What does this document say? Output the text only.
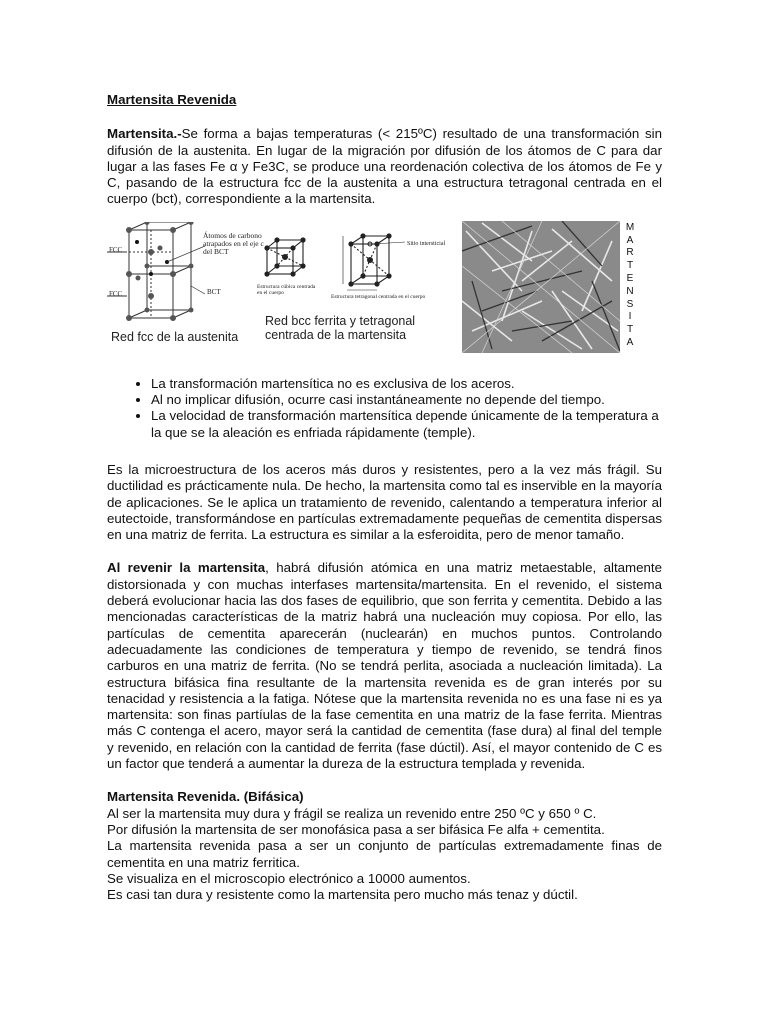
Martensita Revenida

Martensita.-Se forma a bajas temperaturas (< 215ºC) resultado de una transformación sin difusión de la austenita. En lugar de la migración por difusión de los átomos de C para dar lugar a las fases Fe α y Fe3C, se produce una reordenación colectiva de los átomos de Fe y C, pasando de la estructura fcc de la austenita a una estructura tetragonal centrada en el cuerpo (bct), correspondiente a la martensita.

Átomos de carbono atrapados en el eje c del BCT
FCC
FCC	BCT
Red fcc de la austenita
Sitio intersticial
Estructura cúbica centrada en el cuerpo
Estructura tetragonal centrada en el cuerpo
Red bcc ferrita y tetragonal centrada de la martensita
M
A
R
T
E
N
S
I
T
A
• La transformación martensítica no es exclusiva de los aceros.
• Al no implicar difusión, ocurre casi instantáneamente no depende del tiempo.
• La velocidad de transformación martensítica depende únicamente de la temperatura a la que se la aleación es enfriada rápidamente (temple).

Es la microestructura de los aceros más duros y resistentes, pero a la vez más frágil. Su ductilidad es prácticamente nula. De hecho, la martensita como tal es inservible en la mayoría de aplicaciones. Se le aplica un tratamiento de revenido, calentando a temperatura inferior al eutectoide, transformándose en partículas extremadamente pequeñas de cementita dispersas en una matriz de ferrita. La estructura es similar a la esferoidita, pero de menor tamaño.

Al revenir la martensita, habrá difusión atómica en una matriz metaestable, altamente distorsionada y con muchas interfases martensita/martensita. En el revenido, el sistema deberá evolucionar hacia las dos fases de equilibrio, que son ferrita y cementita. Debido a las mencionadas características de la matriz habrá una nucleación muy copiosa. Por ello, las partículas de cementita aparecerán (nuclearán) en muchos puntos. Controlando adecuadamente las condiciones de temperatura y tiempo de revenido, se tendrá finos carburos en una matriz de ferrita. (No se tendrá perlita, asociada a nucleación limitada). La estructura bifásica fina resultante de la martensita revenida es de gran interés por su tenacidad y resistencia a la fatiga. Nótese que la martensita revenida no es una fase ni es ya martensita: son finas partíulas de la fase cementita en una matriz de la fase ferrita. Mientras más C contenga el acero, mayor será la cantidad de cementita (fase dura) al final del temple y revenido, en relación con la cantidad de ferrita (fase dúctil). Así, el mayor contenido de C es un factor que tenderá a aumentar la dureza de la estructura templada y revenida.

Martensita Revenida. (Bifásica)

Al ser la martensita muy dura y frágil se realiza un revenido entre 250 ºC y 650 º C.

Por difusión la martensita de ser monofásica pasa a ser bifásica Fe alfa + cementita.

La martensita revenida pasa a ser un conjunto de partículas extremadamente finas de cementita en una matriz ferritica.

Se visualiza en el microscopio electrónico a 10000 aumentos.

Es casi tan dura y resistente como la martensita pero mucho más tenaz y dúctil.
